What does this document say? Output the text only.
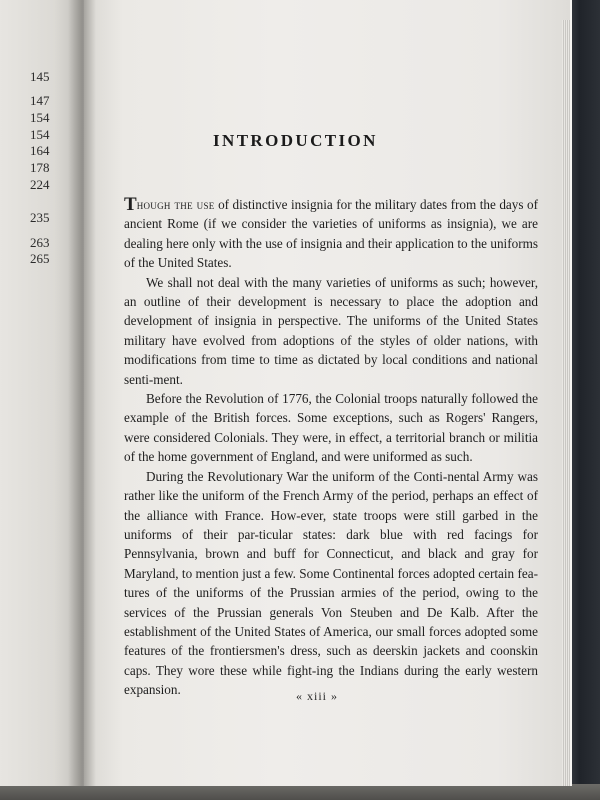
145
147
154
154
164
178
224
235
263
265
INTRODUCTION

Though the use of distinctive insignia for the military dates from the days of ancient Rome (if we consider the varieties of uniforms as insignia), we are dealing here only with the use of insignia and their application to the uniforms of the United States.

We shall not deal with the many varieties of uniforms as such; however, an outline of their development is necessary to place the adoption and development of insignia in perspective. The uniforms of the United States military have evolved from adoptions of the styles of older nations, with modifications from time to time as dictated by local conditions and national senti-ment.

Before the Revolution of 1776, the Colonial troops naturally followed the example of the British forces. Some exceptions, such as Rogers' Rangers, were considered Colonials. They were, in effect, a territorial branch or militia of the home government of England, and were uniformed as such.

During the Revolutionary War the uniform of the Conti-nental Army was rather like the uniform of the French Army of the period, perhaps an effect of the alliance with France. How-ever, state troops were still garbed in the uniforms of their par-ticular states: dark blue with red facings for Pennsylvania, brown and buff for Connecticut, and black and gray for Maryland, to mention just a few. Some Continental forces adopted certain fea-tures of the uniforms of the Prussian armies of the period, owing to the services of the Prussian generals Von Steuben and De Kalb. After the establishment of the United States of America, our small forces adopted some features of the frontiersmen's dress, such as deerskin jackets and coonskin caps. They wore these while fight-ing the Indians during the early western expansion.	« xiii »
